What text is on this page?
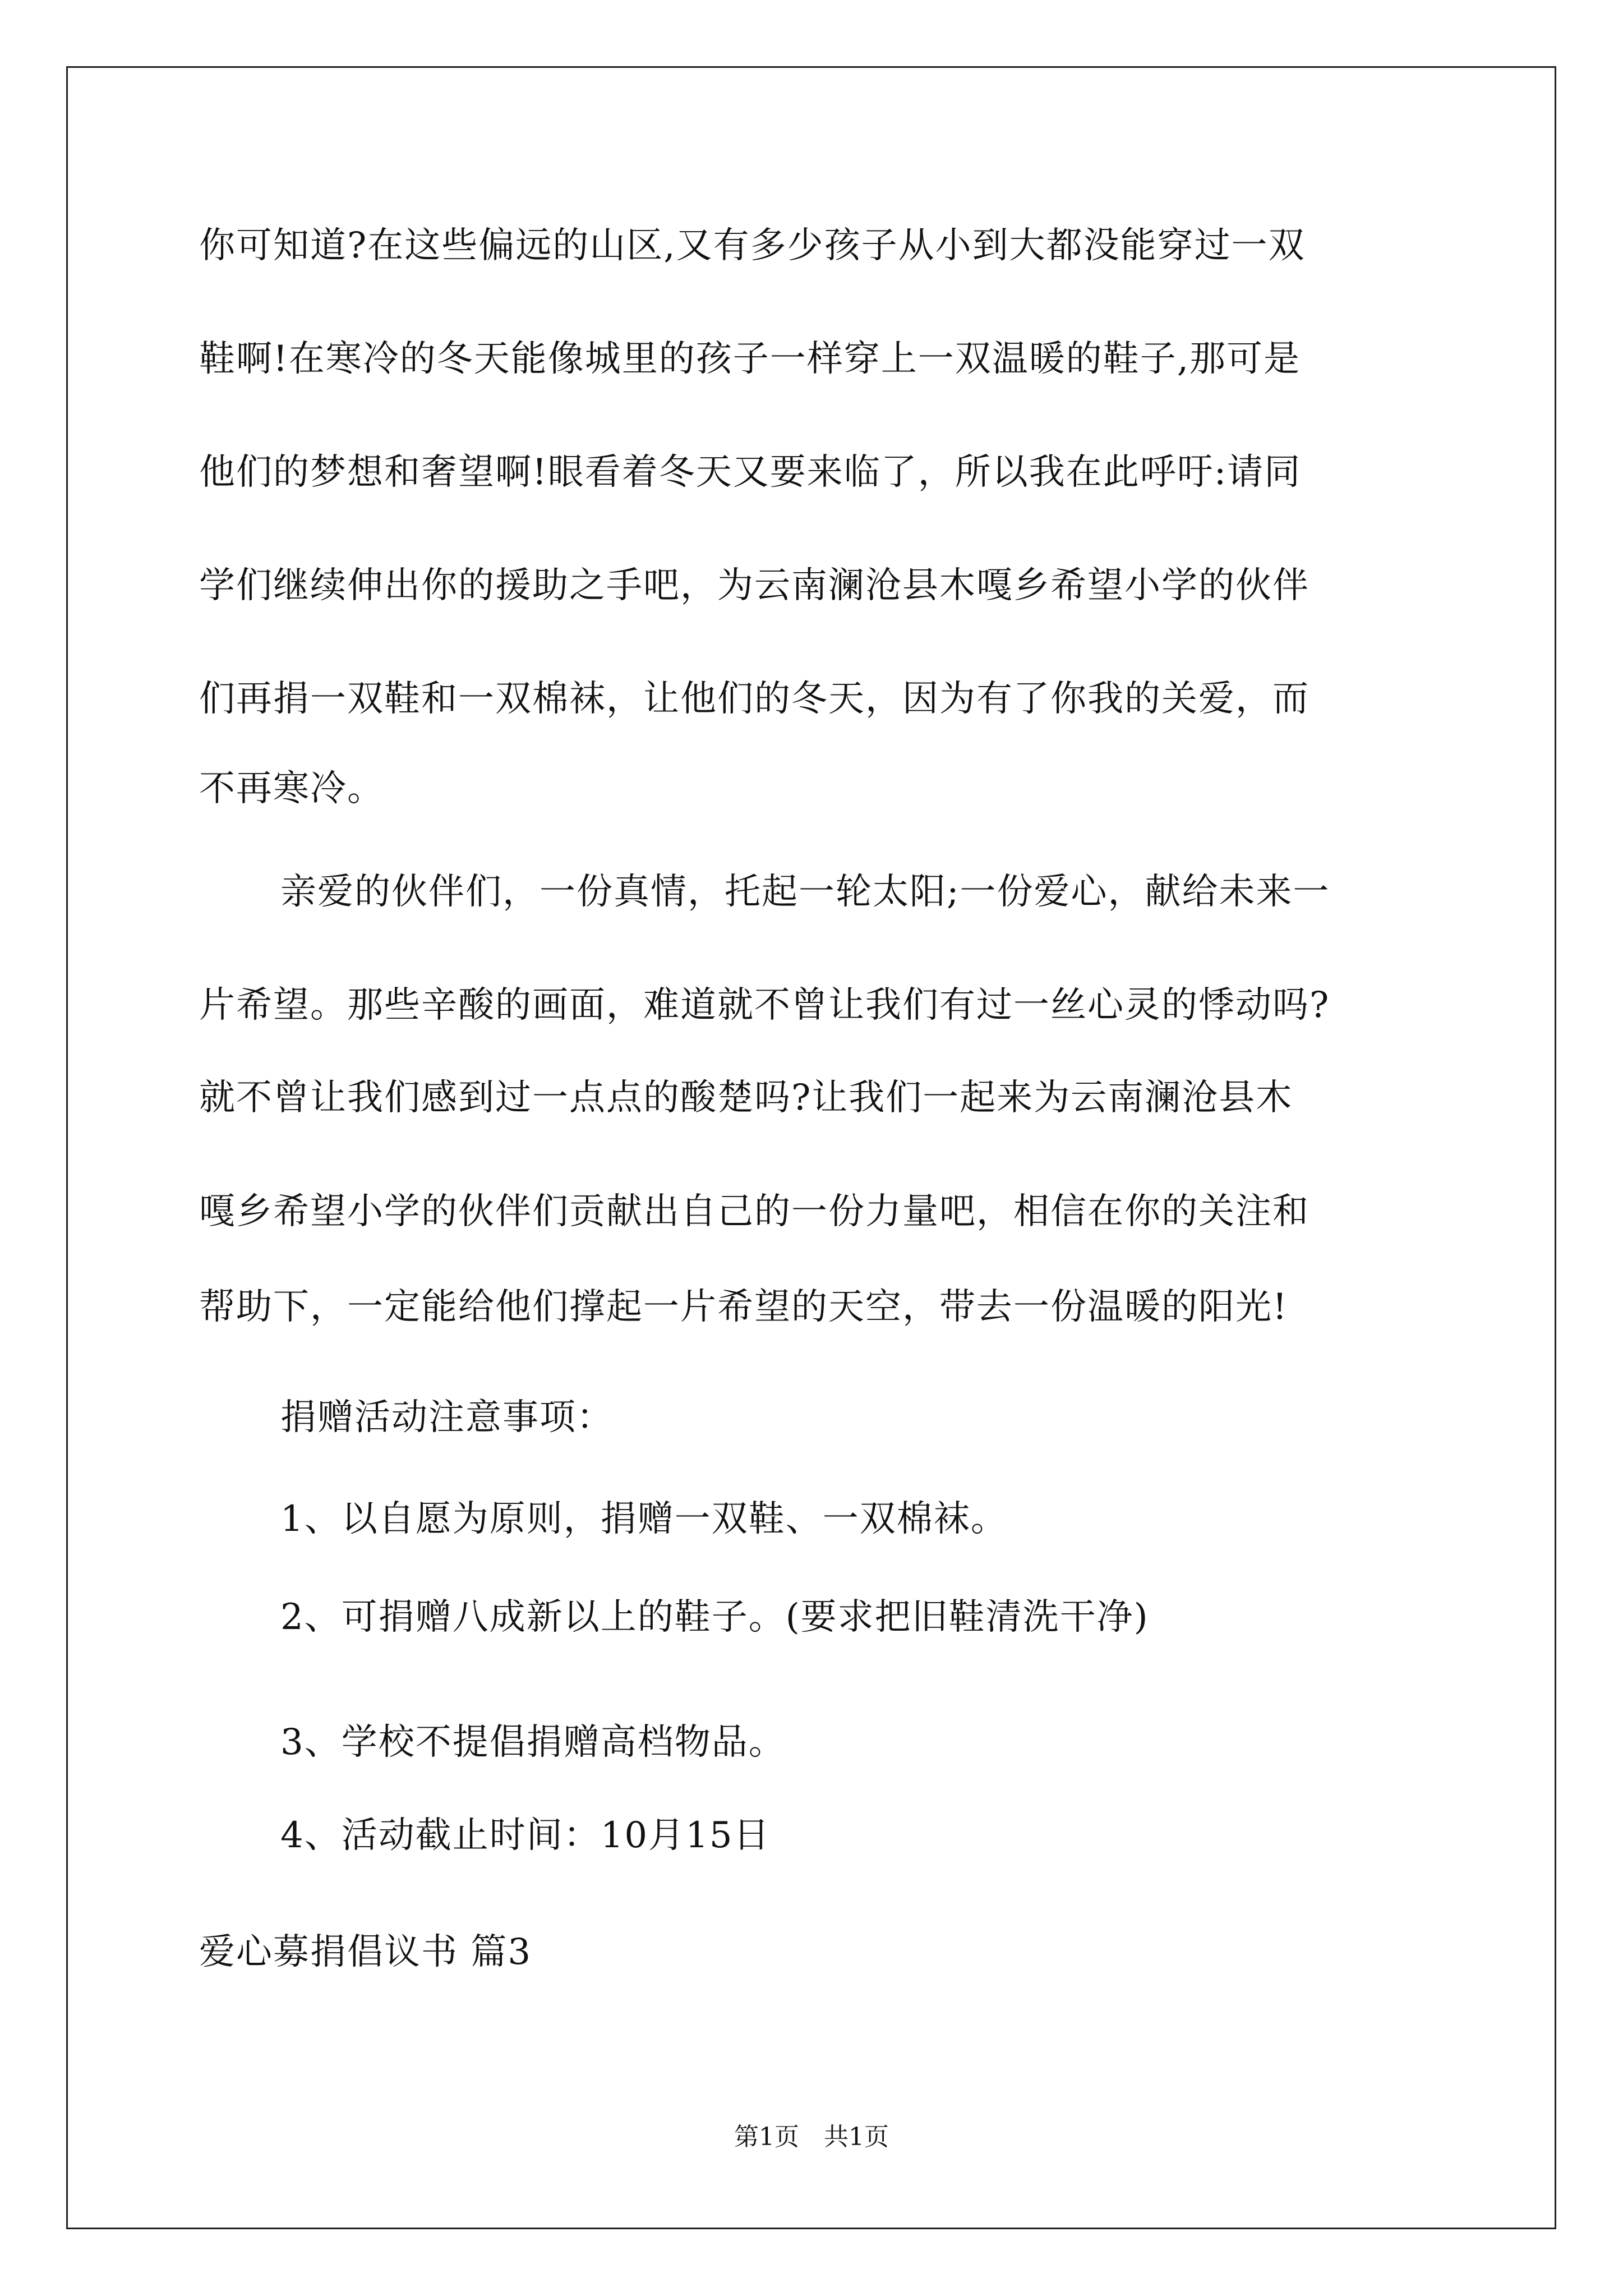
你可知道?在这些偏远的山区,又有多少孩子从小到大都没能穿过一双
鞋啊!在寒冷的冬天能像城里的孩子一样穿上一双温暖的鞋子,那可是
他们的梦想和奢望啊!眼看着冬天又要来临了，所以我在此呼吁:请同
学们继续伸出你的援助之手吧，为云南澜沧县木嘎乡希望小学的伙伴
们再捐一双鞋和一双棉袜，让他们的冬天，因为有了你我的关爱，而
不再寒冷。
亲爱的伙伴们，一份真情，托起一轮太阳;一份爱心，献给未来一
片希望。那些辛酸的画面，难道就不曾让我们有过一丝心灵的悸动吗?
就不曾让我们感到过一点点的酸楚吗?让我们一起来为云南澜沧县木
嘎乡希望小学的伙伴们贡献出自己的一份力量吧，相信在你的关注和
帮助下，一定能给他们撑起一片希望的天空，带去一份温暖的阳光!
捐赠活动注意事项：
1、以自愿为原则，捐赠一双鞋、一双棉袜。
2、可捐赠八成新以上的鞋子。(要求把旧鞋清洗干净)
3、学校不提倡捐赠高档物品。
4、活动截止时间：10月15日
爱心募捐倡议书 篇3
第1页　共1页
